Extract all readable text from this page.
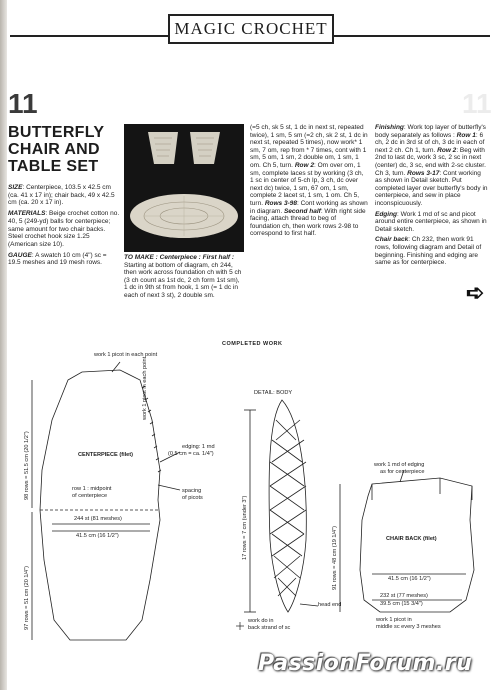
MAGIC CROCHET
11	11
BUTTERFLY CHAIR AND TABLE SET

SIZE: Centerpiece, 103.5 x 42.5 cm (ca. 41 x 17 in); chair back, 49 x 42.5 cm (ca. 20 x 17 in).

MATERIALS: Beige crochet cotton no. 40, 5 (249-yd) balls for centerpiece; same amount for two chair backs. Steel crochet hook size 1.25 (American size 10).

GAUGE: A swatch 10 cm (4") sc = 19.5 meshes and 19 mesh rows.

TO MAKE : Centerpiece : First half : Starting at bottom of diagram, ch 244, then work across foundation ch with 5 ch (3 ch count as 1st dc, 2 ch form 1st sm), 1 dc in 9th st from hook, 1 sm (= 1 dc in each of next 3 st), 2 double sm.

(=5 ch, sk 5 st, 1 dc in next st, repeated twice), 1 sm, 5 sm (=2 ch, sk 2 st, 1 dc in next st, repeated 5 times), now work* 1 sm, 7 om, rep from * 7 times, cont with 1 sm, 5 om, 1 sm, 2 double om, 1 sm, 1 om. Ch 5, turn. Row 2: Om over om, 1 sm, complete laces st by working (3 ch, 1 sc in center of 5-ch lp, 3 ch, dc over next dc) twice, 1 sm, 67 om, 1 sm, complete 2 lacet st, 1 sm, 1 om. Ch 5, turn. Rows 3-98: Cont working as shown in diagram. Second half: With right side facing, attach thread to beg of foundation ch, then work rows 2-98 to correspond to first half.

Finishing: Work top layer of butterfly's body separately as follows : Row 1: 6 ch, 2 dc in 3rd st of ch, 3 dc in each of next 2 ch. Ch 1, turn. Row 2: Beg with 2nd to last dc, work 3 sc, 2 sc in next (center) dc, 3 sc, end with 2-sc cluster. Ch 3, turn. Rows 3-17: Cont working as shown in Detail sketch. Put completed layer over butterfly's body in centerpiece, and sew in place inconspicuously.

Edging: Work 1 md of sc and picot around entire centerpiece, as shown in Detail sketch.

Chair back: Ch 232, then work 91 rows, following diagram and Detail of beginning. Finishing and edging are same as for centerpiece.

➪
COMPLETED WORK
work 1 picot in each point
work 1 picot in each point
CENTERPIECE (filet)
edging: 1 rnd
(0.5 cm = ca. 1/4")
row 1 : midpoint
of centerpiece
spacing
of picots
244 st (81 meshes)
41.5 cm (16 1/2")
98 rows = 51.5 cm (20 1/2")
97 rows = 51 cm (20 1/4")
DETAIL: BODY
17 rows = 7 cm (under 3")
head end
work do in
back strand of sc
work 1 md of edging
as for centerpiece
CHAIR BACK (filet)
91 rows = 48 cm (19 1/4")	41.5 cm (16 1/2")
232 st (77 meshes)
39.5 cm (15 3/4")
work 1 picot in
middle sc every 3 meshes
PassionForum.ru
